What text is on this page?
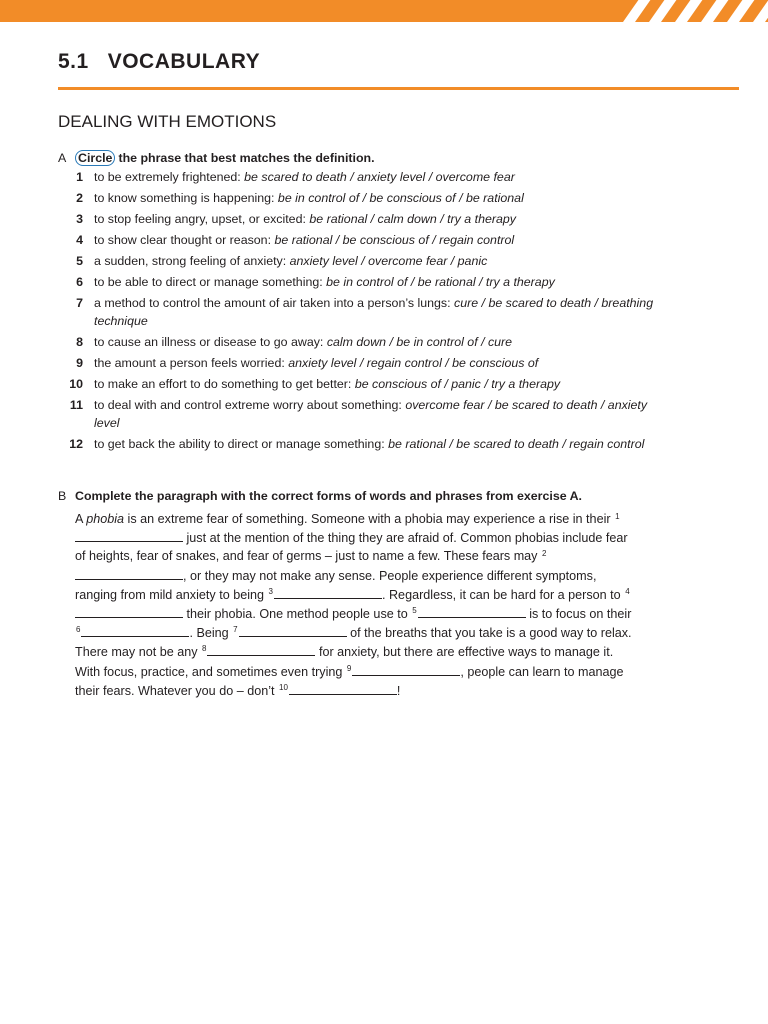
5.1 VOCABULARY
DEALING WITH EMOTIONS
A Circle the phrase that best matches the definition.
1 to be extremely frightened: be scared to death / anxiety level / overcome fear
2 to know something is happening: be in control of / be conscious of / be rational
3 to stop feeling angry, upset, or excited: be rational / calm down / try a therapy
4 to show clear thought or reason: be rational / be conscious of / regain control
5 a sudden, strong feeling of anxiety: anxiety level / overcome fear / panic
6 to be able to direct or manage something: be in control of / be rational / try a therapy
7 a method to control the amount of air taken into a person’s lungs: cure / be scared to death / breathing technique
8 to cause an illness or disease to go away: calm down / be in control of / cure
9 the amount a person feels worried: anxiety level / regain control / be conscious of
10 to make an effort to do something to get better: be conscious of / panic / try a therapy
11 to deal with and control extreme worry about something: overcome fear / be scared to death / anxiety level
12 to get back the ability to direct or manage something: be rational / be scared to death / regain control
B Complete the paragraph with the correct forms of words and phrases from exercise A.

A phobia is an extreme fear of something. Someone with a phobia may experience a rise in their $^1$ just at the mention of the thing they are afraid of. Common phobias include fear of heights, fear of snakes, and fear of germs – just to name a few. These fears may $^2$, or they may not make any sense. People experience different symptoms, ranging from mild anxiety to being $^3$	. Regardless, it can be hard for a person to $^4$ their phobia. One method people use to $^5$	is to focus on their $^6$	. Being $^7$	of the breaths that you take is a good way to relax. There may not be any $^8$	for anxiety, but there are effective ways to manage it. With focus, practice, and sometimes even trying $^9$	, people can learn to manage their fears. Whatever you do – don’t $^{10}$	!
